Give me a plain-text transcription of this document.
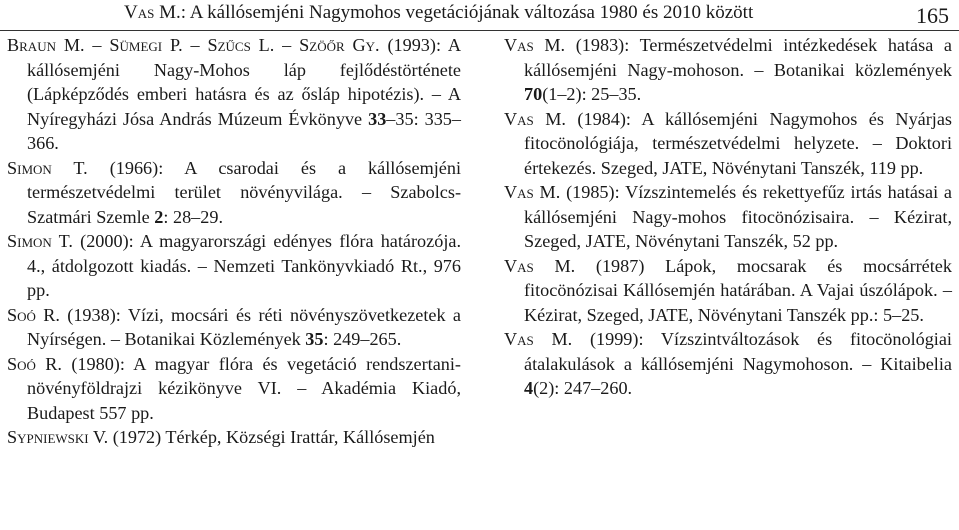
Vas M.: A kállósemjéni Nagymohos vegetációjának változása 1980 és 2010 között	165

Braun M. – Sümegi P. – Szűcs L. – Szöőr Gy. (1993): A kállósemjéni Nagy-Mohos láp fejlődéstörténete (Lápképződés emberi hatásra és az ősláp hipotézis). – A Nyíregyházi Jósa András Múzeum Évkönyve 33–35: 335–366.

Simon T. (1966): A csarodai és a kállósemjéni természetvédelmi terület növényvilága. – Szabolcs-Szatmári Szemle 2: 28–29.

Simon T. (2000): A magyarországi edényes flóra határozója. 4., átdolgozott kiadás. – Nemzeti Tankönyvkiadó Rt., 976 pp.

Soó R. (1938): Vízi, mocsári és réti növényszövetkezetek a Nyírségen. – Botanikai Közlemények 35: 249–265.

Soó R. (1980): A magyar flóra és vegetáció rendszertani-növényföldrajzi kézikönyve VI. – Akadémia Kiadó, Budapest 557 pp.

Sypniewski V. (1972) Térkép, Községi Irattár, Kállósemjén

Vas M. (1983): Természetvédelmi intézkedések hatása a kállósemjéni Nagy-mohoson. – Botanikai közlemények 70(1–2): 25–35.

Vas M. (1984): A kállósemjéni Nagymohos és Nyárjas fitocönológiája, természetvédelmi helyzete. – Doktori értekezés. Szeged, JATE, Növénytani Tanszék, 119 pp.

Vas M. (1985): Vízszintemelés és rekettyefűz irtás hatásai a kállósemjéni Nagy-mohos fitocönózisaira. – Kézirat, Szeged, JATE, Növénytani Tanszék, 52 pp.

Vas M. (1987) Lápok, mocsarak és mocsárrétek fitocönózisai Kállósemjén határában. A Vajai úszólápok. – Kézirat, Szeged, JATE, Növénytani Tanszék pp.: 5–25.

Vas M. (1999): Vízszintváltozások és fitocönológiai átalakulások a kállósemjéni Nagymohoson. – Kitaibelia 4(2): 247–260.
